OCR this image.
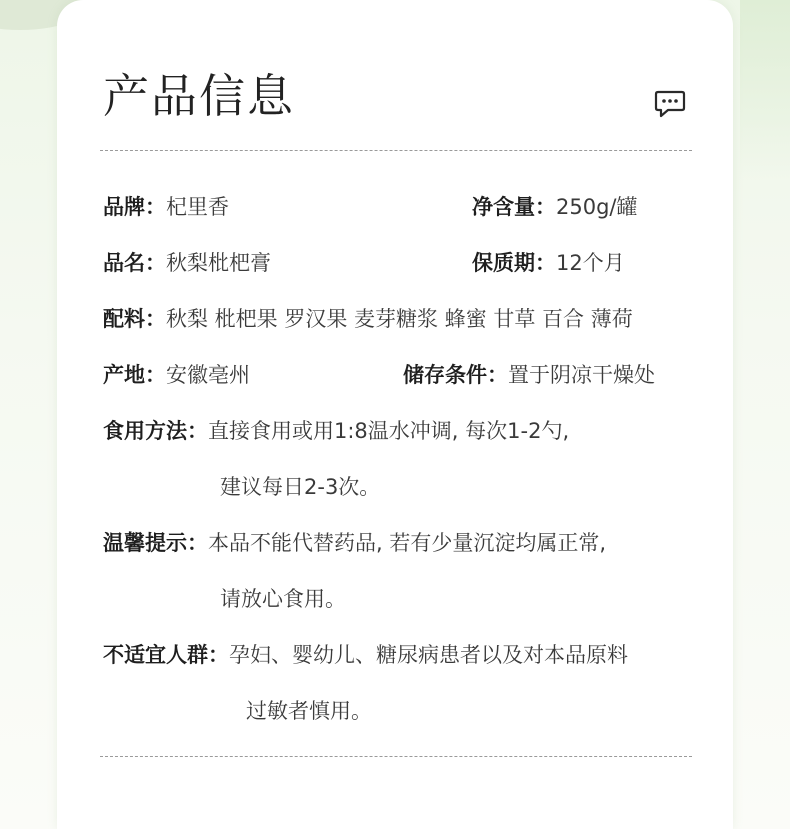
产品信息
品牌：杞里香	净含量：250g/罐
品名：秋梨枇杷膏	保质期：12个月
配料：秋梨 枇杷果 罗汉果 麦芽糖浆 蜂蜜 甘草 百合 薄荷
产地：安徽亳州	储存条件：置于阴凉干燥处
食用方法：直接食用或用1:8温水冲调, 每次1-2勺,
建议每日2-3次。
温馨提示：本品不能代替药品, 若有少量沉淀均属正常,
请放心食用。
不适宜人群：孕妇、婴幼儿、糖尿病患者以及对本品原料
过敏者慎用。
